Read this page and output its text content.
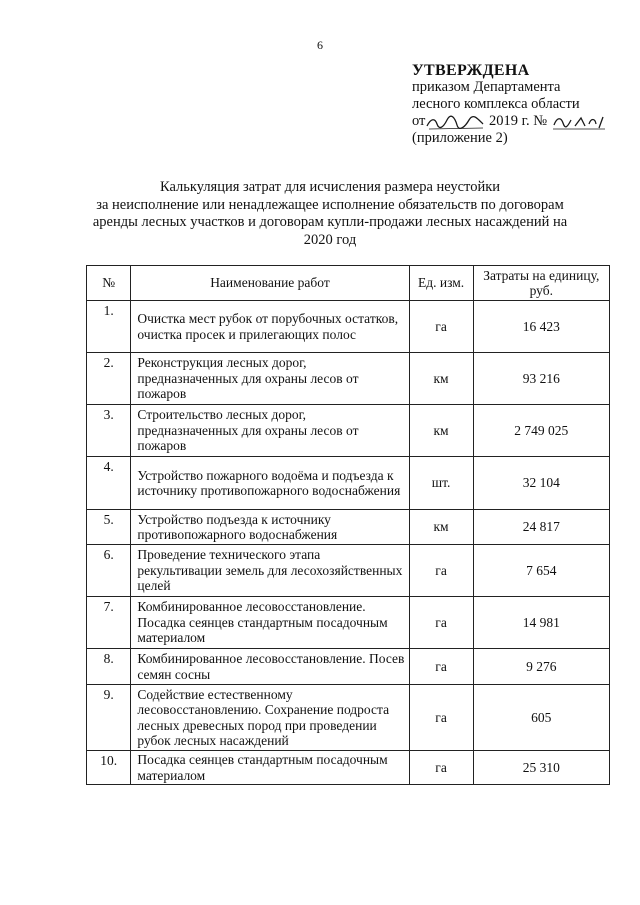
6
УТВЕРЖДЕНА
приказом Департамента
лесного комплекса области
от	2019 г. №
(приложение 2)
Калькуляция затрат для исчисления размера неустойки
за неисполнение или ненадлежащее исполнение обязательств по договорам
аренды лесных участков и договорам купли-продажи лесных насаждений на
2020 год
№	Наименование работ	Ед. изм.	Затраты на единицу, руб.
1.	Очистка мест рубок от порубочных остатков, очистка просек и прилегающих полос	га	16 423
2.	Реконструкция лесных дорог, предназначенных для охраны лесов от пожаров	км	93 216
3.	Строительство лесных дорог, предназначенных для охраны лесов от пожаров	км	2 749 025
4.	Устройство пожарного водоёма и подъезда к источнику противопожарного водоснабжения	шт.	32 104
5.	Устройство подъезда к источнику противопожарного водоснабжения	км	24 817
6.	Проведение технического этапа рекультивации земель для лесохозяйственных целей	га	7 654
7.	Комбинированное лесовосстановление. Посадка сеянцев стандартным посадочным материалом	га	14 981
8.	Комбинированное лесовосстановление. Посев семян сосны	га	9 276
9.	Содействие естественному лесовосстановлению. Сохранение подроста лесных древесных пород при проведении рубок лесных насаждений	га	605
10.	Посадка сеянцев стандартным посадочным материалом	га	25 310
